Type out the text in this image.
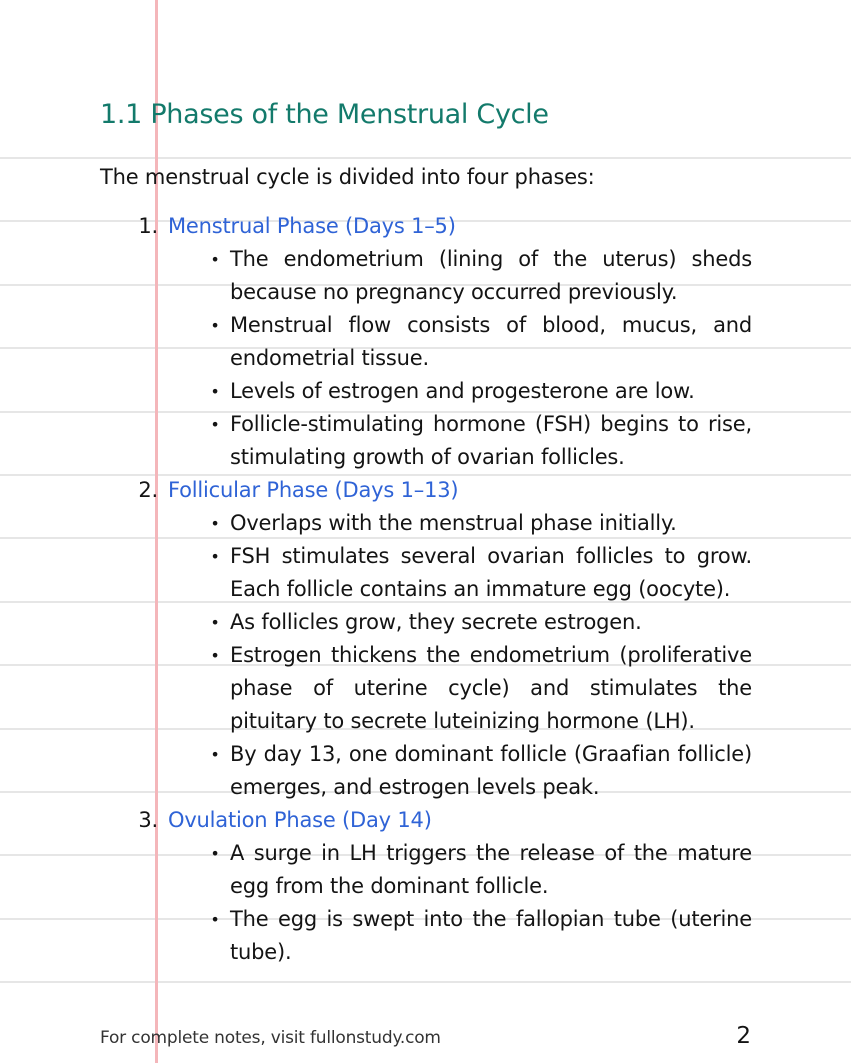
1.1 Phases of the Menstrual Cycle

The menstrual cycle is divided into four phases:

1. Menstrual Phase (Days 1–5)
• The endometrium (lining of the uterus) sheds because no pregnancy occurred previously.
• Menstrual flow consists of blood, mucus, and endometrial tissue.
• Levels of estrogen and progesterone are low.
• Follicle-stimulating hormone (FSH) begins to rise, stimulating growth of ovarian follicles.
2. Follicular Phase (Days 1–13)
• Overlaps with the menstrual phase initially.
• FSH stimulates several ovarian follicles to grow. Each follicle contains an immature egg (oocyte).
• As follicles grow, they secrete estrogen.
• Estrogen thickens the endometrium (proliferative phase of uterine cycle) and stimulates the pituitary to secrete luteinizing hormone (LH).
• By day 13, one dominant follicle (Graafian follicle) emerges, and estrogen levels peak.
3. Ovulation Phase (Day 14)
• A surge in LH triggers the release of the mature egg from the dominant follicle.
• The egg is swept into the fallopian tube (uterine tube).
For complete notes, visit fullonstudy.com	2
